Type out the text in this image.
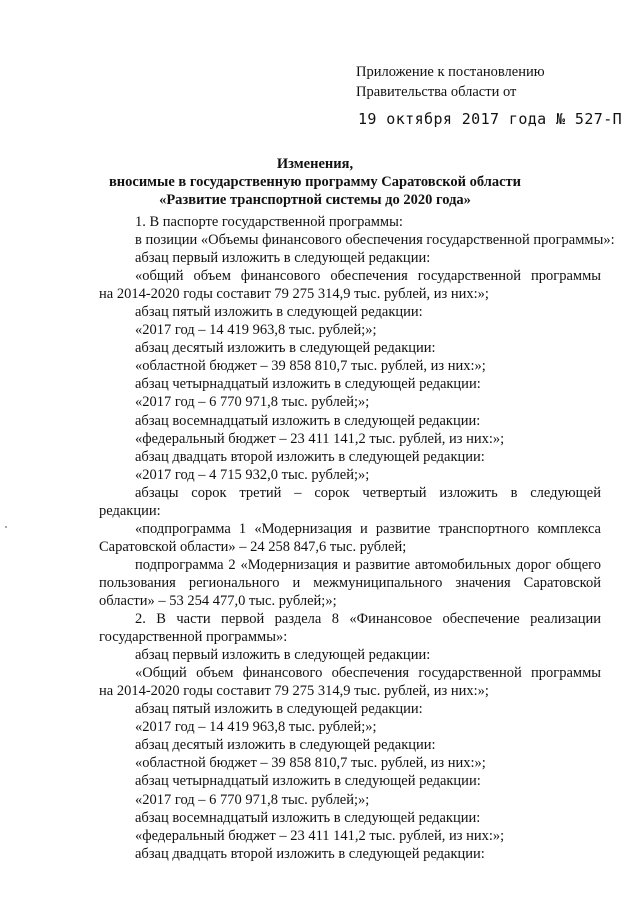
Приложение к постановлению
Правительства области от
19 октября 2017 года № 527-П
Изменения,
вносимые в государственную программу Саратовской области
«Развитие транспортной системы до 2020 года»
1. В паспорте государственной программы:
в позиции «Объемы финансового обеспечения государственной программы»:
абзац первый изложить в следующей редакции:
«общий объем финансового обеспечения государственной программы
на 2014-2020 годы составит 79 275 314,9 тыс. рублей, из них:»;
абзац пятый изложить в следующей редакции:
«2017 год – 14 419 963,8 тыс. рублей;»;
абзац десятый изложить в следующей редакции:
«областной бюджет – 39 858 810,7 тыс. рублей, из них:»;
абзац четырнадцатый изложить в следующей редакции:
«2017 год – 6 770 971,8 тыс. рублей;»;
абзац восемнадцатый изложить в следующей редакции:
«федеральный бюджет – 23 411 141,2 тыс. рублей, из них:»;
абзац двадцать второй изложить в следующей редакции:
«2017 год – 4 715 932,0 тыс. рублей;»;
абзацы сорок третий – сорок четвертый изложить в следующей
редакции:
«подпрограмма 1 «Модернизация и развитие транспортного комплекса
Саратовской области» – 24 258 847,6 тыс. рублей;
подпрограмма 2 «Модернизация и развитие автомобильных дорог общего
пользования регионального и межмуниципального значения Саратовской
области» – 53 254 477,0 тыс. рублей;»;
2. В части первой раздела 8 «Финансовое обеспечение реализации
государственной программы»:
абзац первый изложить в следующей редакции:
«Общий объем финансового обеспечения государственной программы
на 2014-2020 годы составит 79 275 314,9 тыс. рублей, из них:»;
абзац пятый изложить в следующей редакции:
«2017 год – 14 419 963,8 тыс. рублей;»;
абзац десятый изложить в следующей редакции:
«областной бюджет – 39 858 810,7 тыс. рублей, из них:»;
абзац четырнадцатый изложить в следующей редакции:
«2017 год – 6 770 971,8 тыс. рублей;»;
абзац восемнадцатый изложить в следующей редакции:
«федеральный бюджет – 23 411 141,2 тыс. рублей, из них:»;
абзац двадцать второй изложить в следующей редакции:
